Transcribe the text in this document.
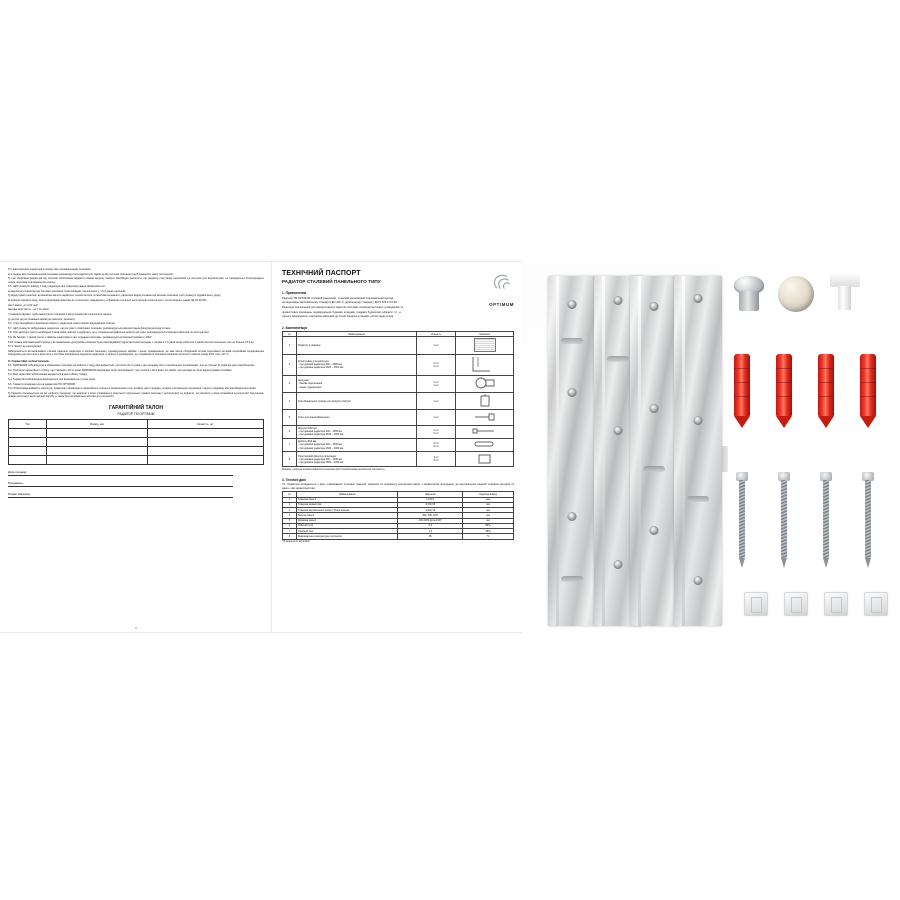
5.4. Експлуатація радіаторів в період між опалювальними сезонами.

а) в період між опалювальними сезонами рекомендується відключити радіатор від системи опалення (щоб зменшити зміну теплоносія);

б) при зберіганні радіаторів від системи обов'язково відкрити клапан випуску повітря. Необхідно пам'ятати, що радіатор слід зняву перемички до системи для виробництва, не проводиться безпосередньо перед початком опалювального сезону.

5.5. Щоб уникнути виводу з ладу радіатора при транспортуванні забороняється:

а) відключати радіатор від системи опалення. Крім випадків, перелічених у п 5.4 даних приписів;

б) відкручувати монтаж, встановлені на них радіатора, термостатичні та монтажні елементи, радіатора відрегульовані від монтаж опалення, щоб уникнути гідравлічного удару;

в) використовувати воду, яка не відповідає вимогам до теплоносія, наведеним у «Правилах технічної експлуатації електричних і тепло мереж» (наказ ЗД 34.20.501

має Ї.максн.-до 0,02 мг/л

масова жорсткість – до 7 мг-екв/л

г) використовувати труби маєстраллі опалення в місці елементів електричних мереж.

д) допуск до регулювання арматури (вентилі, ремонти).

5.6. Слід передбачити виділення повітря у радіатора через клапан відрадження повітря.

5.7. Щоб уникнути забруднення радіатора, що регулює з повітряних клапанів, рекомендується використання фільтрів на вході стояка.

5.8. При закінчені частої необхідності виділення повітря з радіатора, що є основою неправильна робота цієї тари, рекомендується виконати фільтрів по експлуатації.

5.9. Як бачимо, сталеві тепло з заміною радіаторів в уже з'єднання системах, рекомендується використовувати у РЕУ.

5.10. Кожен опалювальний прилад у встановленню дискурсійно повинен були виробдуваний гідростатичним методом з тиском в 1,5 разів вище робочого в даній системі опалення, але не більше 13 Атм.

5.11. Якості до експлуатації

Забороняється встановлювати сталеві панельні радіатори в кріплен бальових, індивідуальних мийках і інших приміщеннях, де має місце об'єднаний впливі агресивних впливів корозійним середовищем середовищ що мітиться в воді потік у постійне заповнення кордоном радіатора. в зв'язку в приміщення, до сприймаючої значними вапряних вологості повітря понад 60%, при t,20 °С.

6. Гарантійні зобов'язання.

6.1. ВИРОБНИК зобов'язується обмінювати прилади що вийшли з ладу або дефектний, протягом 10-ти років з дня продажу його торговельною організацією, але не більше 11 років від дати виробництва.

6.2. Протягом гарантійного строку, що становить 10-ти років, ВИРОБНИК відповідає за всі несправності, що сталися з його вини, за умови, що прилади не були відрегульовані особами.

6.3. Має гарантійні зобов'язання видаються в двох обміну товару.

6.4. Гарантійні зобов'язання виконуються при виконанні на тучних умов.

6.5. Гарантія поширюється на радіаторів ТМ OPTIMUM

6.6) Обов'язкова наявність паспорта, правильно заповненого гарантійного талона із зазначенням типу, розміру, дати продажу, штампа торговельної організації, підпису продавця або відповідальної особи;

б) Гарантія поширюється на всі дефекти продукції, що виникли з вини споживача в результаті порушення, правил монтажу і експлуатації та дефекти, що виникли з вини споживача в результаті порушення, правил монтажу і експлуатації виробу, а також при неправильне монтаж до теплоносія.

ГАРАНТІЙНИЙ ТАЛОН
РАДІАТОР ТМ OPTIMUM
Тип	Розмір, мм	Кількість, шт

Дата продажу:
Продавець:
Штамп магазину:
5
OPTIMUM
ТЕХНІЧНИЙ ПАСПОРТ
РАДІАТОР СТАЛЕВИЙ ПАНЕЛЬНОГО ТИПУ
1. Призначення

Радіатор ТМ OPTIMUM сталевий панельний - сучасний економічний опалювальний прилад,

що відповідає європейському стандарту EN 442-1 і українському стандарту ДСТУ Б В.2.5-5-96.

Радіатори призначений для використання в закритих системах опалення житлових, громадських та

промислових приміщень, індивідуальних будинків, котеджів, і садових будиночків, офісних і т.п., а

також в приміщеннях з високими вимогами до гігієни (медичні установи, дитячі садки тощо).

2. Комплектація
№	Найменування	Кількість	Малюнок
1	Радіатор в упаковці	1 шт	
2	Кронштейни для кріплення:
- при довжині радіатора 400 – 1500 мм
- при довжині радіатора 1600 – 2000 мм	2 шт
3 шт

3	Заглушки:
- бокове підключення
- нижнє підключення	1 шт
1 шт

4	Кран Маєвського (клапан для випуску повітря)	1 шт	
5	Ключ для крана Маєвського	1 шт	
6	Шурупи 6х60 мм:
- при довжині радіатора 400 – 1500 мм
- при довжині радіатора 1600 – 2000 мм	4 шт
6 шт

7	Дюбель Ø10 мм:
- при довжині радіатора 400 – 1500 мм
- при довжині радіатора 1600 – 2000 мм	4 шт
6 шт

8	Пластиковий фіксатор-прокладка:
- при довжині радіатора 400 – 1500 мм
- при довжині радіатора 1600 – 2000 мм	4 шт
6 шт

Вказівка: «можливі незначні відмінності малюнків були ознайомлювані виробником комплекту».
3. Технічні дані

3.1. Радіатори складаються з двох штампованих сталевих панелей, зварених по периметру контактним швом, з конвектором приєднаних до вертикальних каналів точковим методом та мають такі характеристики:

№	Найменування	Значення	Одиниця виміру
1	Товщина панелі	1,0±0,1	мм
2	Товщина конвектора	0,5±0,05	мм
3	Товщина вертикальних ребер / бічної кришки	0,5±0,15	мм
4	Висота панелі	300, 500, 600*	мм
5	Довжина панелі	400-2000 (крок 100)*	мм
6	Робочий тиск	0,9	МПа
7	Пробний тиск	1,3	МПа
8	Максимальна температура теплоносія	95	°C
* В залежності від моделі
